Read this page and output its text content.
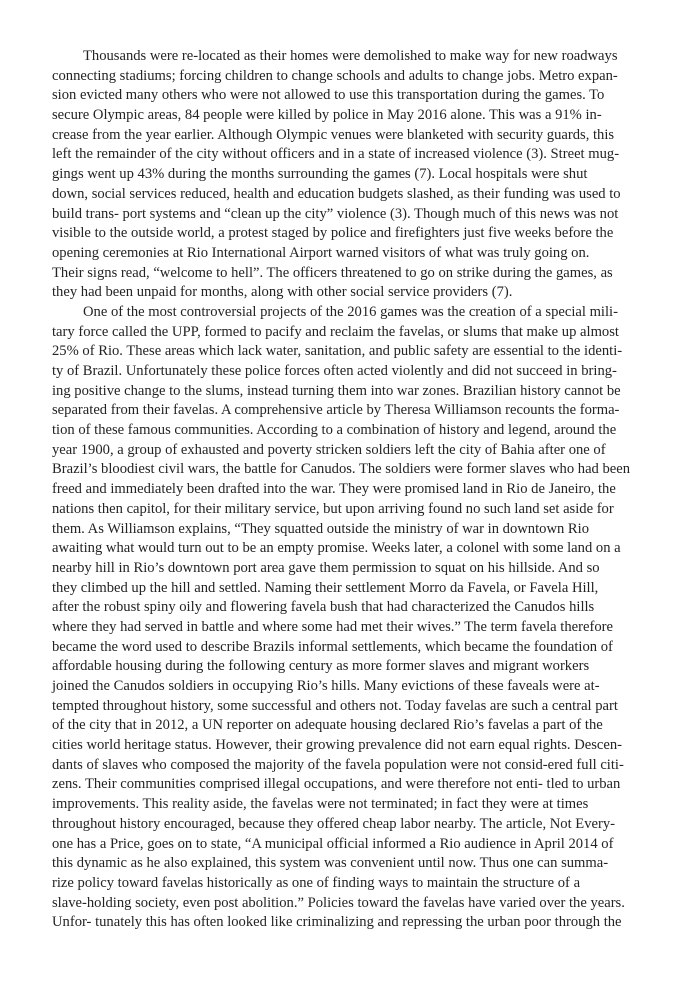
Thousands were re-located as their homes were demolished to make way for new roadways
connecting stadiums; forcing children to change schools and adults to change jobs. Metro expan-
sion evicted many others who were not allowed to use this transportation during the games. To
secure Olympic areas, 84 people were killed by police in May 2016 alone. This was a 91% in-
crease from the year earlier. Although Olympic venues were blanketed with security guards, this
left the remainder of the city without officers and in a state of increased violence (3). Street mug-
gings went up 43% during the months surrounding the games (7). Local hospitals were shut
down, social services reduced, health and education budgets slashed, as their funding was used to
build trans- port systems and “clean up the city” violence (3). Though much of this news was not
visible to the outside world, a protest staged by police and firefighters just five weeks before the
opening ceremonies at Rio International Airport warned visitors of what was truly going on.
Their signs read, “welcome to hell”. The officers threatened to go on strike during the games, as
they had been unpaid for months, along with other social service providers (7).
One of the most controversial projects of the 2016 games was the creation of a special mili-
tary force called the UPP, formed to pacify and reclaim the favelas, or slums that make up almost
25% of Rio. These areas which lack water, sanitation, and public safety are essential to the identi-
ty of Brazil. Unfortunately these police forces often acted violently and did not succeed in bring-
ing positive change to the slums, instead turning them into war zones. Brazilian history cannot be
separated from their favelas. A comprehensive article by Theresa Williamson recounts the forma-
tion of these famous communities. According to a combination of history and legend, around the
year 1900, a group of exhausted and poverty stricken soldiers left the city of Bahia after one of
Brazil’s bloodiest civil wars, the battle for Canudos. The soldiers were former slaves who had been
freed and immediately been drafted into the war. They were promised land in Rio de Janeiro, the
nations then capitol, for their military service, but upon arriving found no such land set aside for
them. As Williamson explains, “They squatted outside the ministry of war in downtown Rio
awaiting what would turn out to be an empty promise. Weeks later, a colonel with some land on a
nearby hill in Rio’s downtown port area gave them permission to squat on his hillside. And so
they climbed up the hill and settled. Naming their settlement Morro da Favela, or Favela Hill,
after the robust spiny oily and flowering favela bush that had characterized the Canudos hills
where they had served in battle and where some had met their wives.” The term favela therefore
became the word used to describe Brazils informal settlements, which became the foundation of
affordable housing during the following century as more former slaves and migrant workers
joined the Canudos soldiers in occupying Rio’s hills. Many evictions of these faveals were at-
tempted throughout history, some successful and others not. Today favelas are such a central part
of the city that in 2012, a UN reporter on adequate housing declared Rio’s favelas a part of the
cities world heritage status. However, their growing prevalence did not earn equal rights. Descen-
dants of slaves who composed the majority of the favela population were not consid-ered full citi-
zens. Their communities comprised illegal occupations, and were therefore not enti- tled to urban
improvements. This reality aside, the favelas were not terminated; in fact they were at times
throughout history encouraged, because they offered cheap labor nearby. The article, Not Every-
one has a Price, goes on to state, “A municipal official informed a Rio audience in April 2014 of
this dynamic as he also explained, this system was convenient until now. Thus one can summa-
rize policy toward favelas historically as one of finding ways to maintain the structure of a
slave-holding society, even post abolition.” Policies toward the favelas have varied over the years.
Unfor- tunately this has often looked like criminalizing and repressing the urban poor through the
